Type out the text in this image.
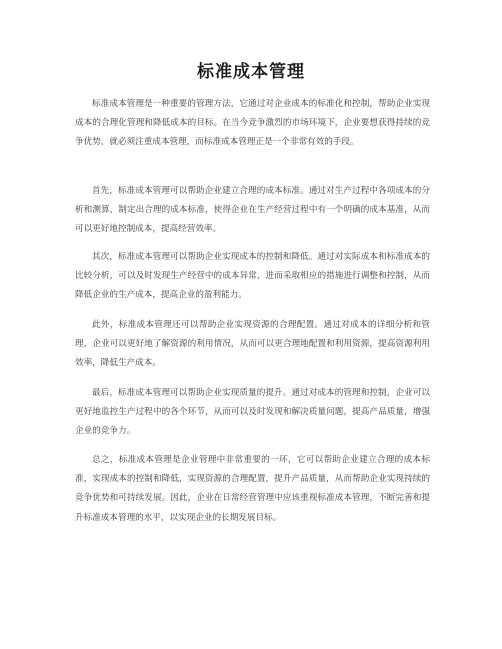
标准成本管理

标准成本管理是一种重要的管理方法，它通过对企业成本的标准化和控制，帮助企业实现成本的合理化管理和降低成本的目标。在当今竞争激烈的市场环境下，企业要想获得持续的竞争优势，就必须注重成本管理，而标准成本管理正是一个非常有效的手段。

首先，标准成本管理可以帮助企业建立合理的成本标准。通过对生产过程中各项成本的分析和测算，制定出合理的成本标准，使得企业在生产经营过程中有一个明确的成本基准，从而可以更好地控制成本，提高经营效率。

其次，标准成本管理可以帮助企业实现成本的控制和降低。通过对实际成本和标准成本的比较分析，可以及时发现生产经营中的成本异常，进而采取相应的措施进行调整和控制，从而降低企业的生产成本，提高企业的盈利能力。

此外，标准成本管理还可以帮助企业实现资源的合理配置。通过对成本的详细分析和管理，企业可以更好地了解资源的利用情况，从而可以更合理地配置和利用资源，提高资源利用效率，降低生产成本。

最后，标准成本管理可以帮助企业实现质量的提升。通过对成本的管理和控制，企业可以更好地监控生产过程中的各个环节，从而可以及时发现和解决质量问题，提高产品质量，增强企业的竞争力。

总之，标准成本管理是企业管理中非常重要的一环，它可以帮助企业建立合理的成本标准，实现成本的控制和降低，实现资源的合理配置，提升产品质量，从而帮助企业实现持续的竞争优势和可持续发展。因此，企业在日常经营管理中应该重视标准成本管理，不断完善和提升标准成本管理的水平，以实现企业的长期发展目标。
